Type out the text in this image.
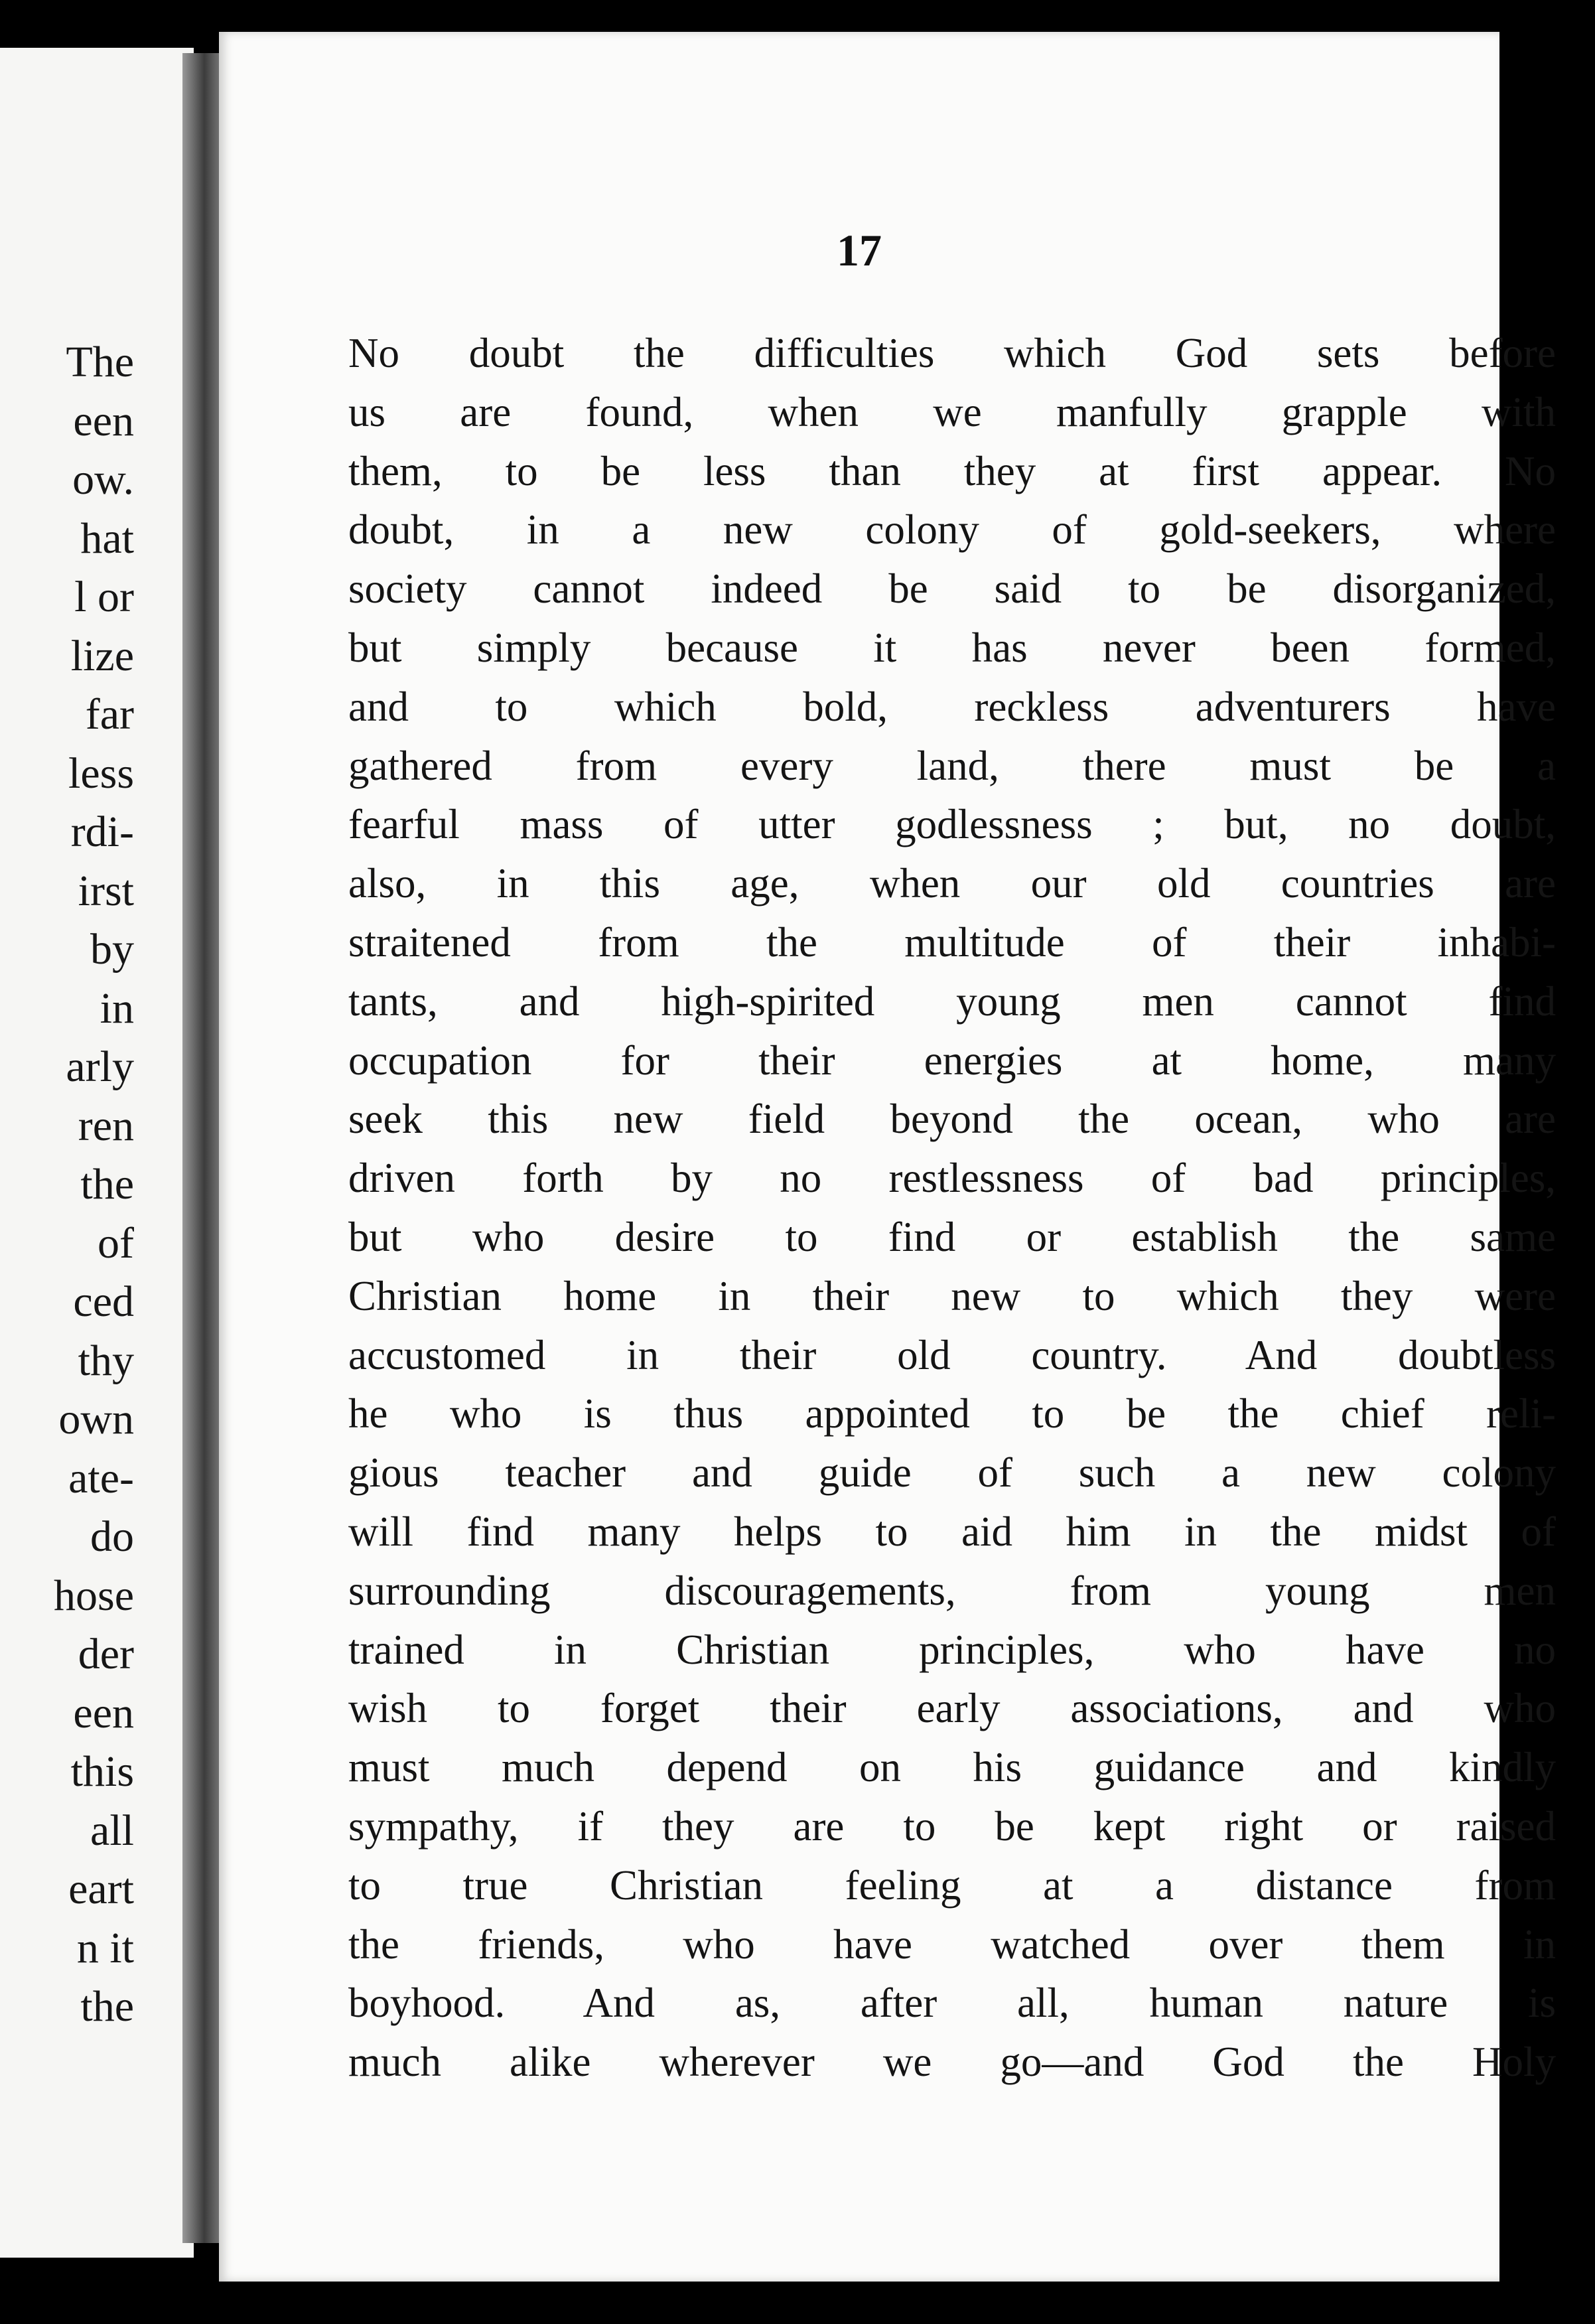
The
een
ow.
hat
l or
lize
far
less
rdi-
irst
by
in
arly
ren
the
of
ced
thy
own
ate-
do
hose
der
een
this
all
eart
n it
the
17
No doubt the difficulties which God sets before
us are found, when we manfully grapple with
them, to be less than they at first appear. No
doubt, in a new colony of gold-seekers, where
society cannot indeed be said to be disorganized,
but simply because it has never been formed,
and to which bold, reckless adventurers have
gathered from every land, there must be a
fearful mass of utter godlessness ; but, no doubt,
also, in this age, when our old countries are
straitened from the multitude of their inhabi-
tants, and high-spirited young men cannot find
occupation for their energies at home, many
seek this new field beyond the ocean, who are
driven forth by no restlessness of bad principles,
but who desire to find or establish the same
Christian home in their new to which they were
accustomed in their old country. And doubtless
he who is thus appointed to be the chief reli-
gious teacher and guide of such a new colony
will find many helps to aid him in the midst of
surrounding discouragements, from young men
trained in Christian principles, who have no
wish to forget their early associations, and who
must much depend on his guidance and kindly
sympathy, if they are to be kept right or raised
to true Christian feeling at a distance from
the friends, who have watched over them in
boyhood. And as, after all, human nature is
much alike wherever we go—and God the Holy
